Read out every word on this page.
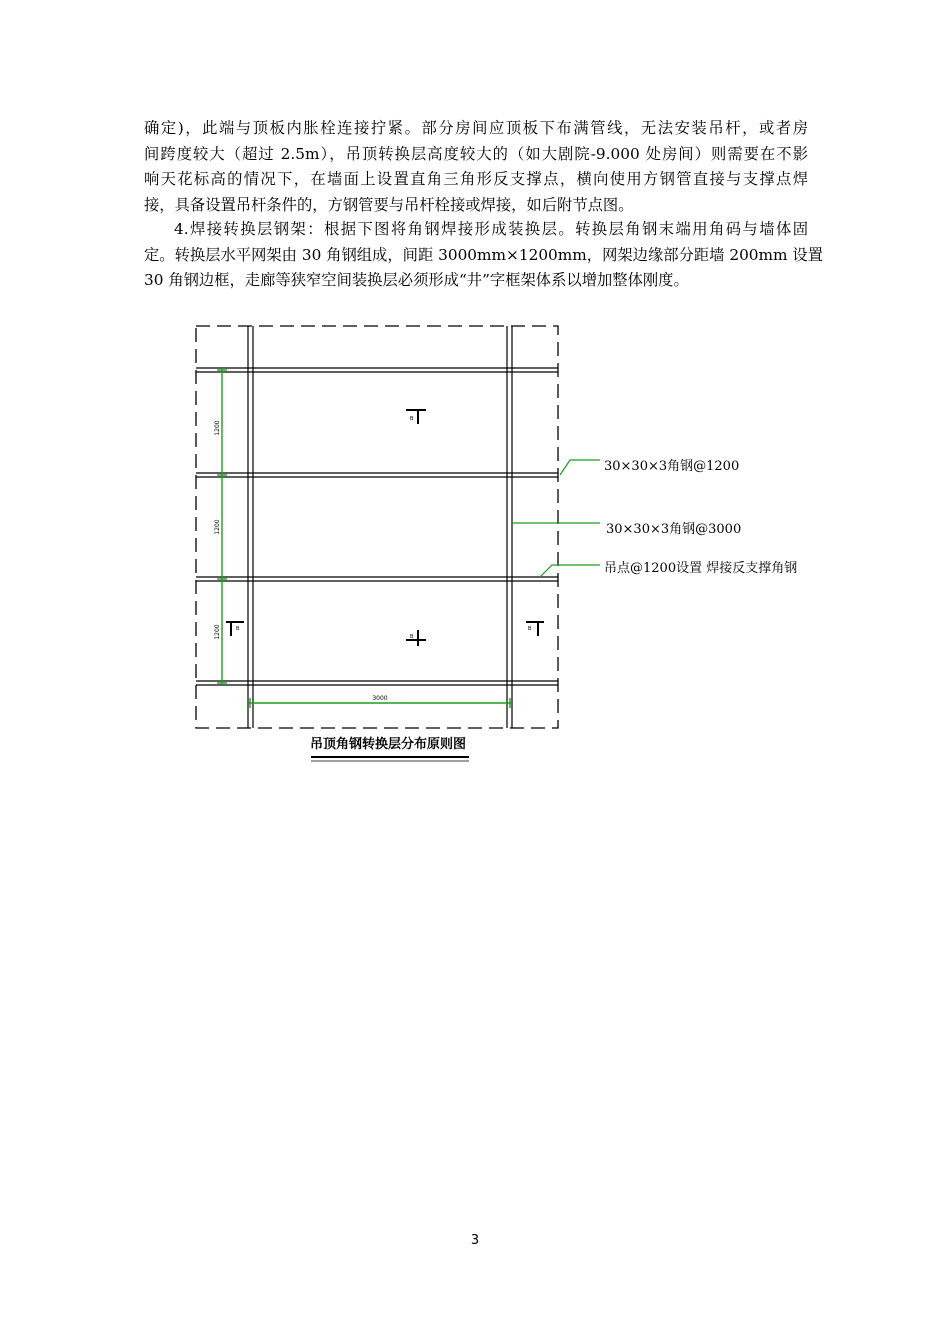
确定)，此端与顶板内胀栓连接拧紧。部分房间应顶板下布满管线，无法安装吊杆，或者房
间跨度较大（超过 2.5m），吊顶转换层高度较大的（如大剧院-9.000 处房间）则需要在不影
响天花标高的情况下，在墙面上设置直角三角形反支撑点，横向使用方钢管直接与支撑点焊
接，具备设置吊杆条件的，方钢管要与吊杆栓接或焊接，如后附节点图。

4.焊接转换层钢架：根据下图将角钢焊接形成装换层。转换层角钢末端用角码与墙体固
定。转换层水平网架由 30 角钢组成，间距 3000mm×1200mm，网架边缘部分距墙 200mm 设置
30 角钢边框，走廊等狭窄空间装换层必须形成“井”字框架体系以增加整体刚度。

B
B
B	B
1200
1200
1200
3000
吊顶角钢转换层分布原则图
30×30×3角钢@1200
30×30×3角钢@3000
吊点@1200设置 焊接反支撑角钢
3
